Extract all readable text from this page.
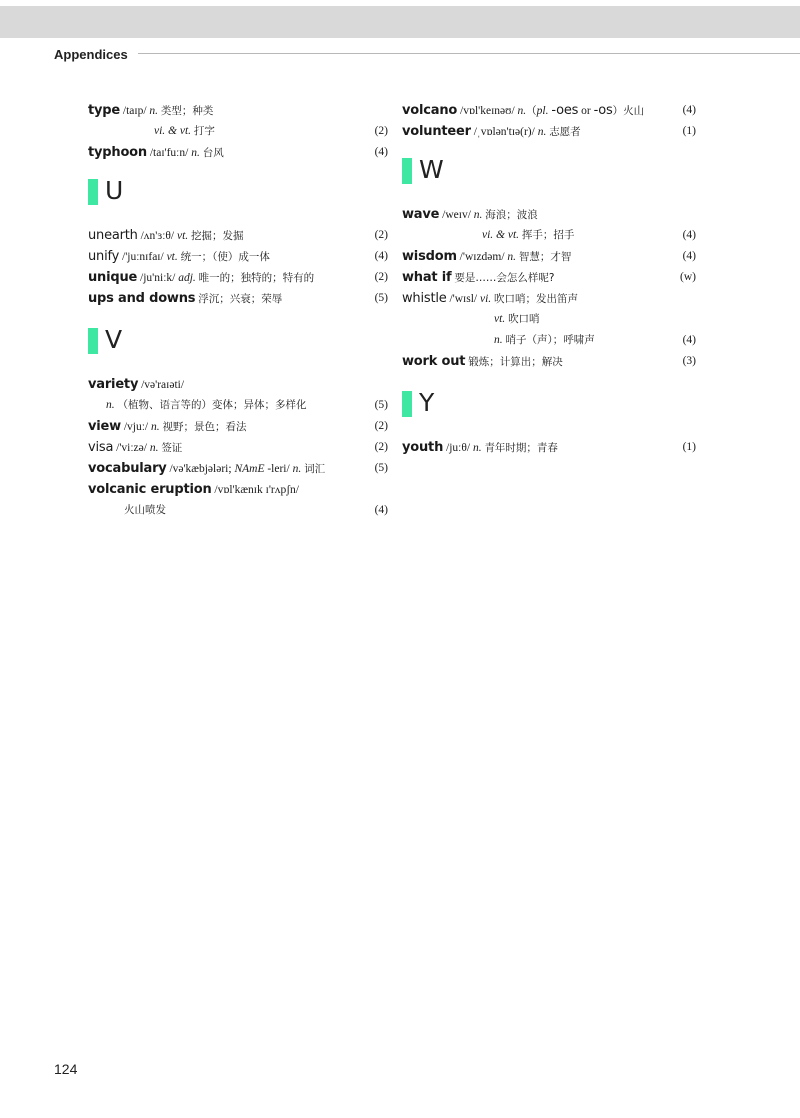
Appendices
type /taɪp/ n. 类型；种类
vi. & vt. 打字	(2)
typhoon /taɪ'fuːn/ n. 台风	(4)
U
unearth /ʌn'ɜːθ/ vt. 挖掘；发掘	(2)
unify /'juːnɪfaɪ/ vt. 统一；（使）成一体	(4)
unique /ju'niːk/ adj. 唯一的；独特的；特有的	(2)
ups and downs 浮沉；兴衰；荣辱	(5)
V
variety /və'raɪəti/
n. （植物、语言等的）变体；异体；多样化	(5)
view /vjuː/ n. 视野；景色；看法	(2)
visa /'viːzə/ n. 签证	(2)
vocabulary /və'kæbjələri; NAmE -leri/ n. 词汇	(5)
volcanic eruption /vɒl'kænɪk ɪ'rʌpʃn/
火山喷发	(4)
volcano /vɒl'keɪnəʊ/ n.（pl. -oes or -os）火山	(4)
volunteer /ˌvɒlən'tɪə(r)/ n. 志愿者	(1)
W
wave /weɪv/ n. 海浪；波浪
vi. & vt. 挥手；招手	(4)
wisdom /'wɪzdəm/ n. 智慧；才智	(4)
what if 要是……会怎么样呢?	(w)
whistle /'wɪsl/ vi. 吹口哨；发出笛声
vt. 吹口哨
n. 哨子（声）；呼啸声	(4)
work out 锻炼；计算出；解决	(3)
Y
youth /juːθ/ n. 青年时期；青春	(1)
124
